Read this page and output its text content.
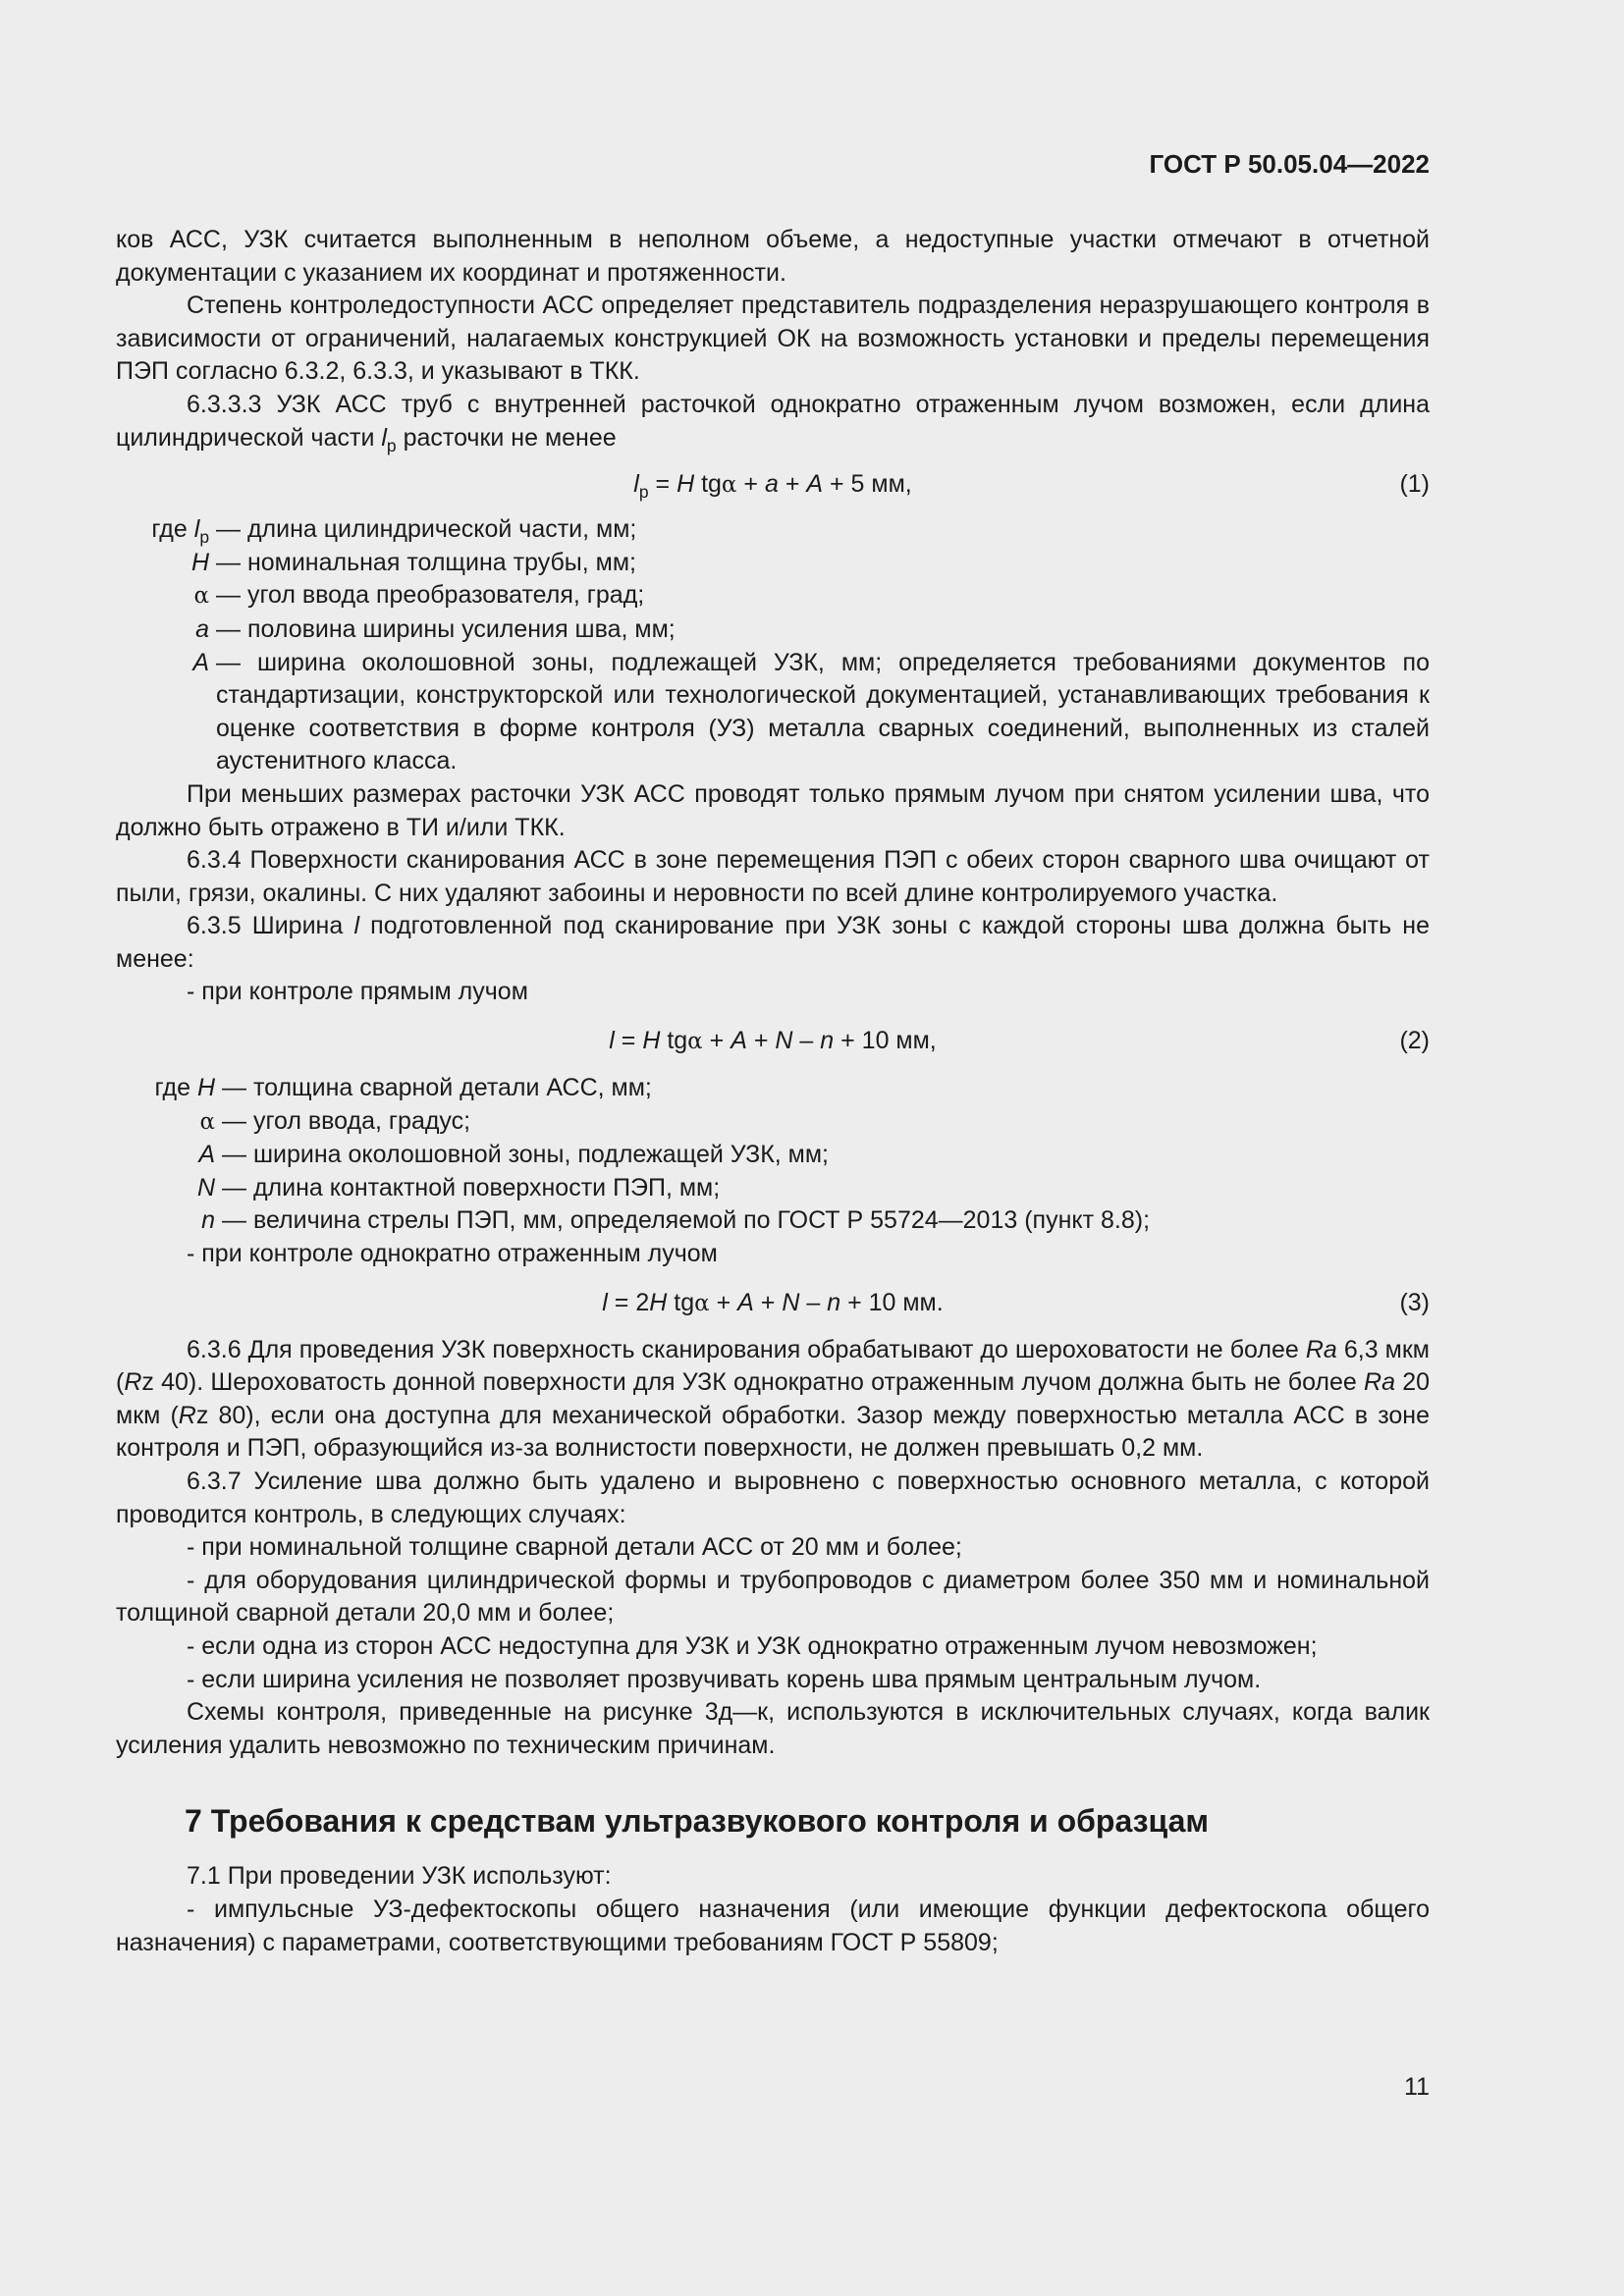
ГОСТ Р 50.05.04—2022

ков АСС, УЗК считается выполненным в неполном объеме, а недоступные участки отмечают в отчетной документации с указанием их координат и протяженности.

Степень контроледоступности АСС определяет представитель подразделения неразрушающего контроля в зависимости от ограничений, налагаемых конструкцией ОК на возможность установки и пределы перемещения ПЭП согласно 6.3.2, 6.3.3, и указывают в ТКК.

6.3.3.3 УЗК АСС труб с внутренней расточкой однократно отраженным лучом возможен, если длина цилиндрической части $l_р$ расточки не менее

$l_р = H$ tgα + a + A + 5 мм,	(1)
где $l_р$ — длина цилиндрической части, мм;
H — номинальная толщина трубы, мм;
α — угол ввода преобразователя, град;
a — половина ширины усиления шва, мм;
A — ширина околошовной зоны, подлежащей УЗК, мм; определяется требованиями документов по стандартизации, конструкторской или технологической документацией, устанавливающих требования к оценке соответствия в форме контроля (УЗ) металла сварных соединений, выполненных из сталей аустенитного класса.

При меньших размерах расточки УЗК АСС проводят только прямым лучом при снятом усилении шва, что должно быть отражено в ТИ и/или ТКК.

6.3.4 Поверхности сканирования АСС в зоне перемещения ПЭП с обеих сторон сварного шва очищают от пыли, грязи, окалины. С них удаляют забоины и неровности по всей длине контролируемого участка.

6.3.5 Ширина l подготовленной под сканирование при УЗК зоны с каждой стороны шва должна быть не менее:

- при контроле прямым лучом

l = H tgα + A + N – n + 10 мм,	(2)
где H — толщина сварной детали АСС, мм;
α — угол ввода, градус;
A — ширина околошовной зоны, подлежащей УЗК, мм;
N — длина контактной поверхности ПЭП, мм;
n — величина стрелы ПЭП, мм, определяемой по ГОСТ Р 55724—2013 (пункт 8.8);

- при контроле однократно отраженным лучом

l = 2H tgα + A + N – n + 10 мм.	(3)

6.3.6 Для проведения УЗК поверхность сканирования обрабатывают до шероховатости не более Ra 6,3 мкм (Rz 40). Шероховатость донной поверхности для УЗК однократно отраженным лучом должна быть не более Ra 20 мкм (Rz 80), если она доступна для механической обработки. Зазор между поверхностью металла АСС в зоне контроля и ПЭП, образующийся из-за волнистости поверхности, не должен превышать 0,2 мм.

6.3.7 Усиление шва должно быть удалено и выровнено с поверхностью основного металла, с которой проводится контроль, в следующих случаях:

- при номинальной толщине сварной детали АСС от 20 мм и более;

- для оборудования цилиндрической формы и трубопроводов с диаметром более 350 мм и номинальной толщиной сварной детали 20,0 мм и более;

- если одна из сторон АСС недоступна для УЗК и УЗК однократно отраженным лучом невозможен;

- если ширина усиления не позволяет прозвучивать корень шва прямым центральным лучом.

Схемы контроля, приведенные на рисунке 3д—к, используются в исключительных случаях, когда валик усиления удалить невозможно по техническим причинам.

7 Требования к средствам ультразвукового контроля и образцам

7.1 При проведении УЗК используют:

- импульсные УЗ-дефектоскопы общего назначения (или имеющие функции дефектоскопа общего назначения) с параметрами, соответствующими требованиям ГОСТ Р 55809;

11
